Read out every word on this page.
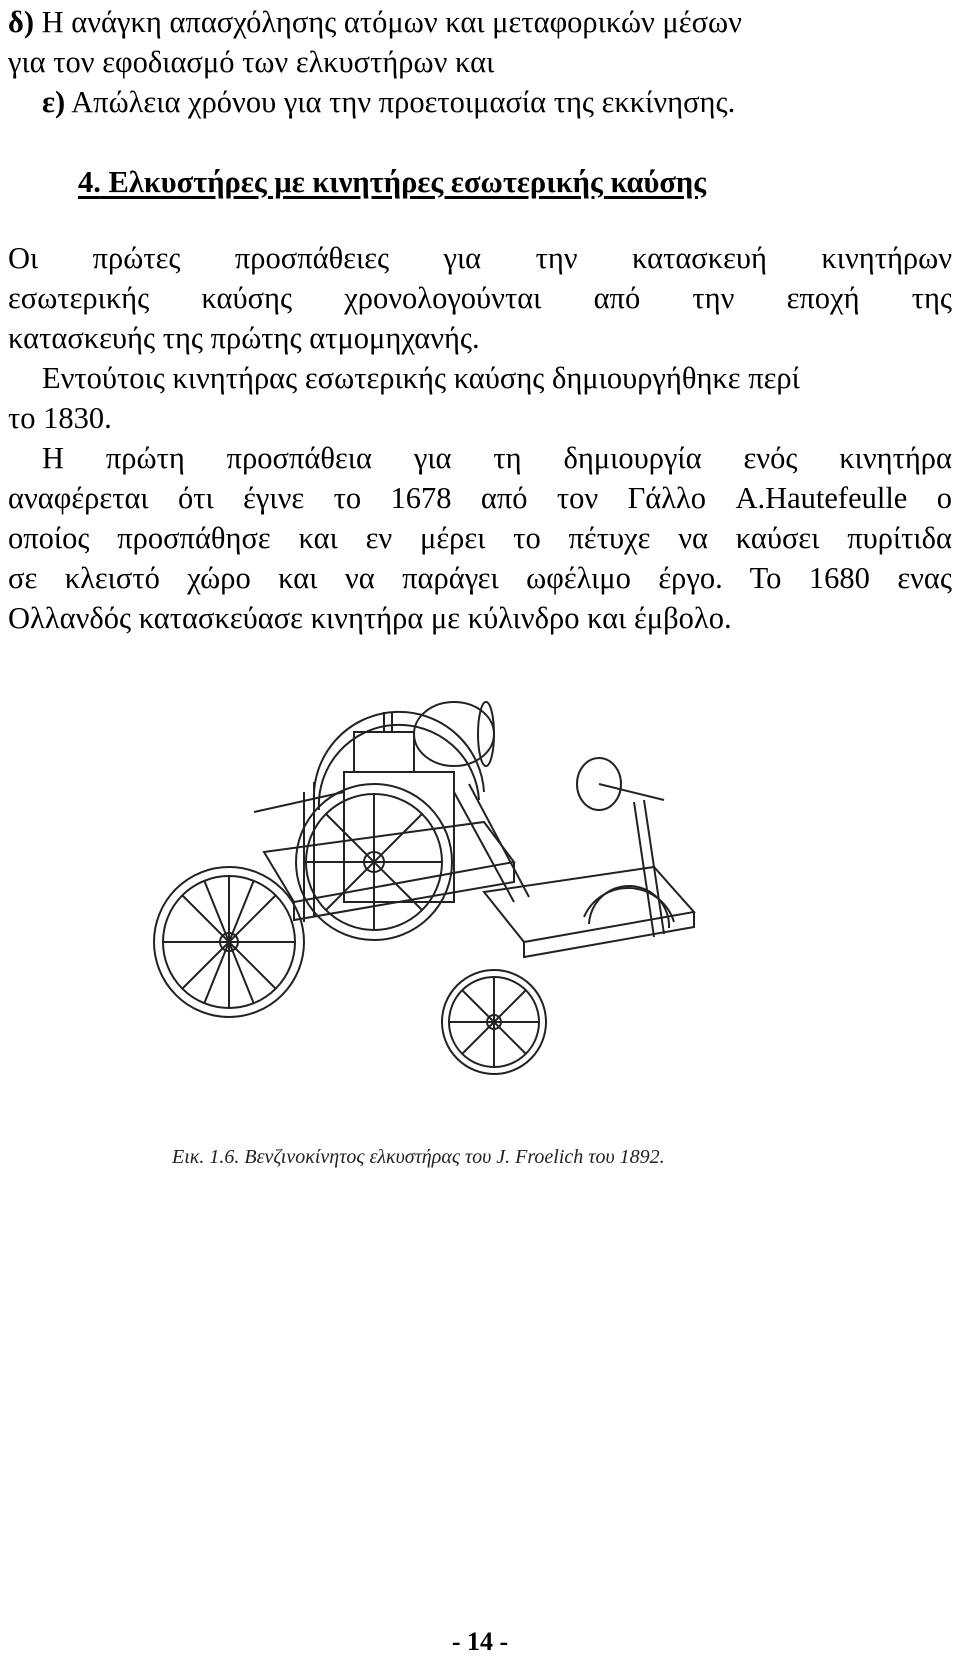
δ) Η ανάγκη απασχόλησης ατόμων και μεταφορικών μέσων
για τον εφοδιασμό των ελκυστήρων και
ε) Απώλεια χρόνου για την προετοιμασία της εκκίνησης.
4. Ελκυστήρες με κινητήρες εσωτερικής καύσης
Οι πρώτες προσπάθειες για την κατασκευή κινητήρων
εσωτερικής καύσης χρονολογούνται από την εποχή της
κατασκευής της πρώτης ατμομηχανής.
Εντούτοις κινητήρας εσωτερικής καύσης δημιουργήθηκε περί
το 1830.
Η πρώτη προσπάθεια για τη δημιουργία ενός κινητήρα
αναφέρεται ότι έγινε το 1678 από τον Γάλλο A.Hautefeulle o
οποίος προσπάθησε και εν μέρει το πέτυχε να καύσει πυρίτιδα
σε κλειστό χώρο και να παράγει ωφέλιμο έργο. Το 1680 ενας
Ολλανδός κατασκεύασε κινητήρα με κύλινδρο και έμβολο.
Εικ. 1.6. Βενζινοκίνητος ελκυστήρας του J. Froelich του 1892.
- 14 -
